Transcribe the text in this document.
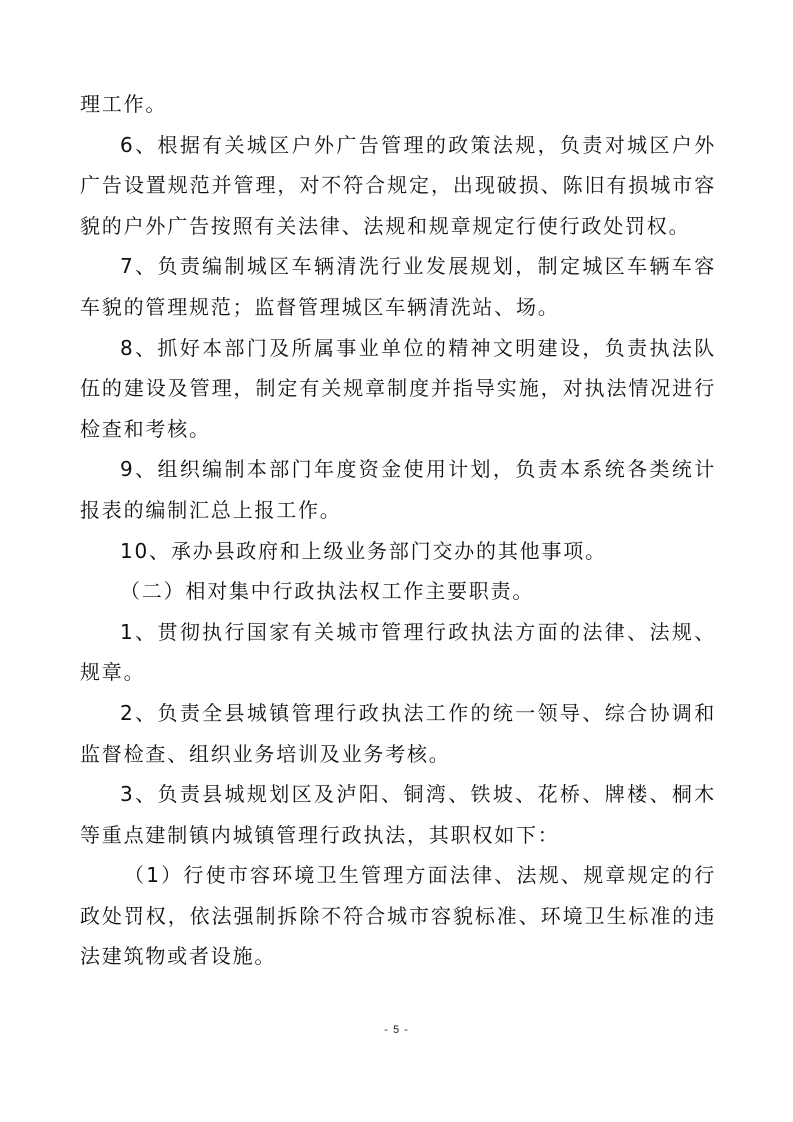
理工作。

6、根据有关城区户外广告管理的政策法规，负责对城区户外广告设置规范并管理，对不符合规定，出现破损、陈旧有损城市容貌的户外广告按照有关法律、法规和规章规定行使行政处罚权。

7、负责编制城区车辆清洗行业发展规划，制定城区车辆车容车貌的管理规范；监督管理城区车辆清洗站、场。

8、抓好本部门及所属事业单位的精神文明建设，负责执法队伍的建设及管理，制定有关规章制度并指导实施，对执法情况进行检查和考核。

9、组织编制本部门年度资金使用计划，负责本系统各类统计报表的编制汇总上报工作。

10、承办县政府和上级业务部门交办的其他事项。

（二）相对集中行政执法权工作主要职责。

1、贯彻执行国家有关城市管理行政执法方面的法律、法规、规章。

2、负责全县城镇管理行政执法工作的统一领导、综合协调和监督检查、组织业务培训及业务考核。

3、负责县城规划区及泸阳、铜湾、铁坡、花桥、牌楼、桐木等重点建制镇内城镇管理行政执法，其职权如下：

（1）行使市容环境卫生管理方面法律、法规、规章规定的行政处罚权，依法强制拆除不符合城市容貌标准、环境卫生标准的违法建筑物或者设施。

- 5 -
